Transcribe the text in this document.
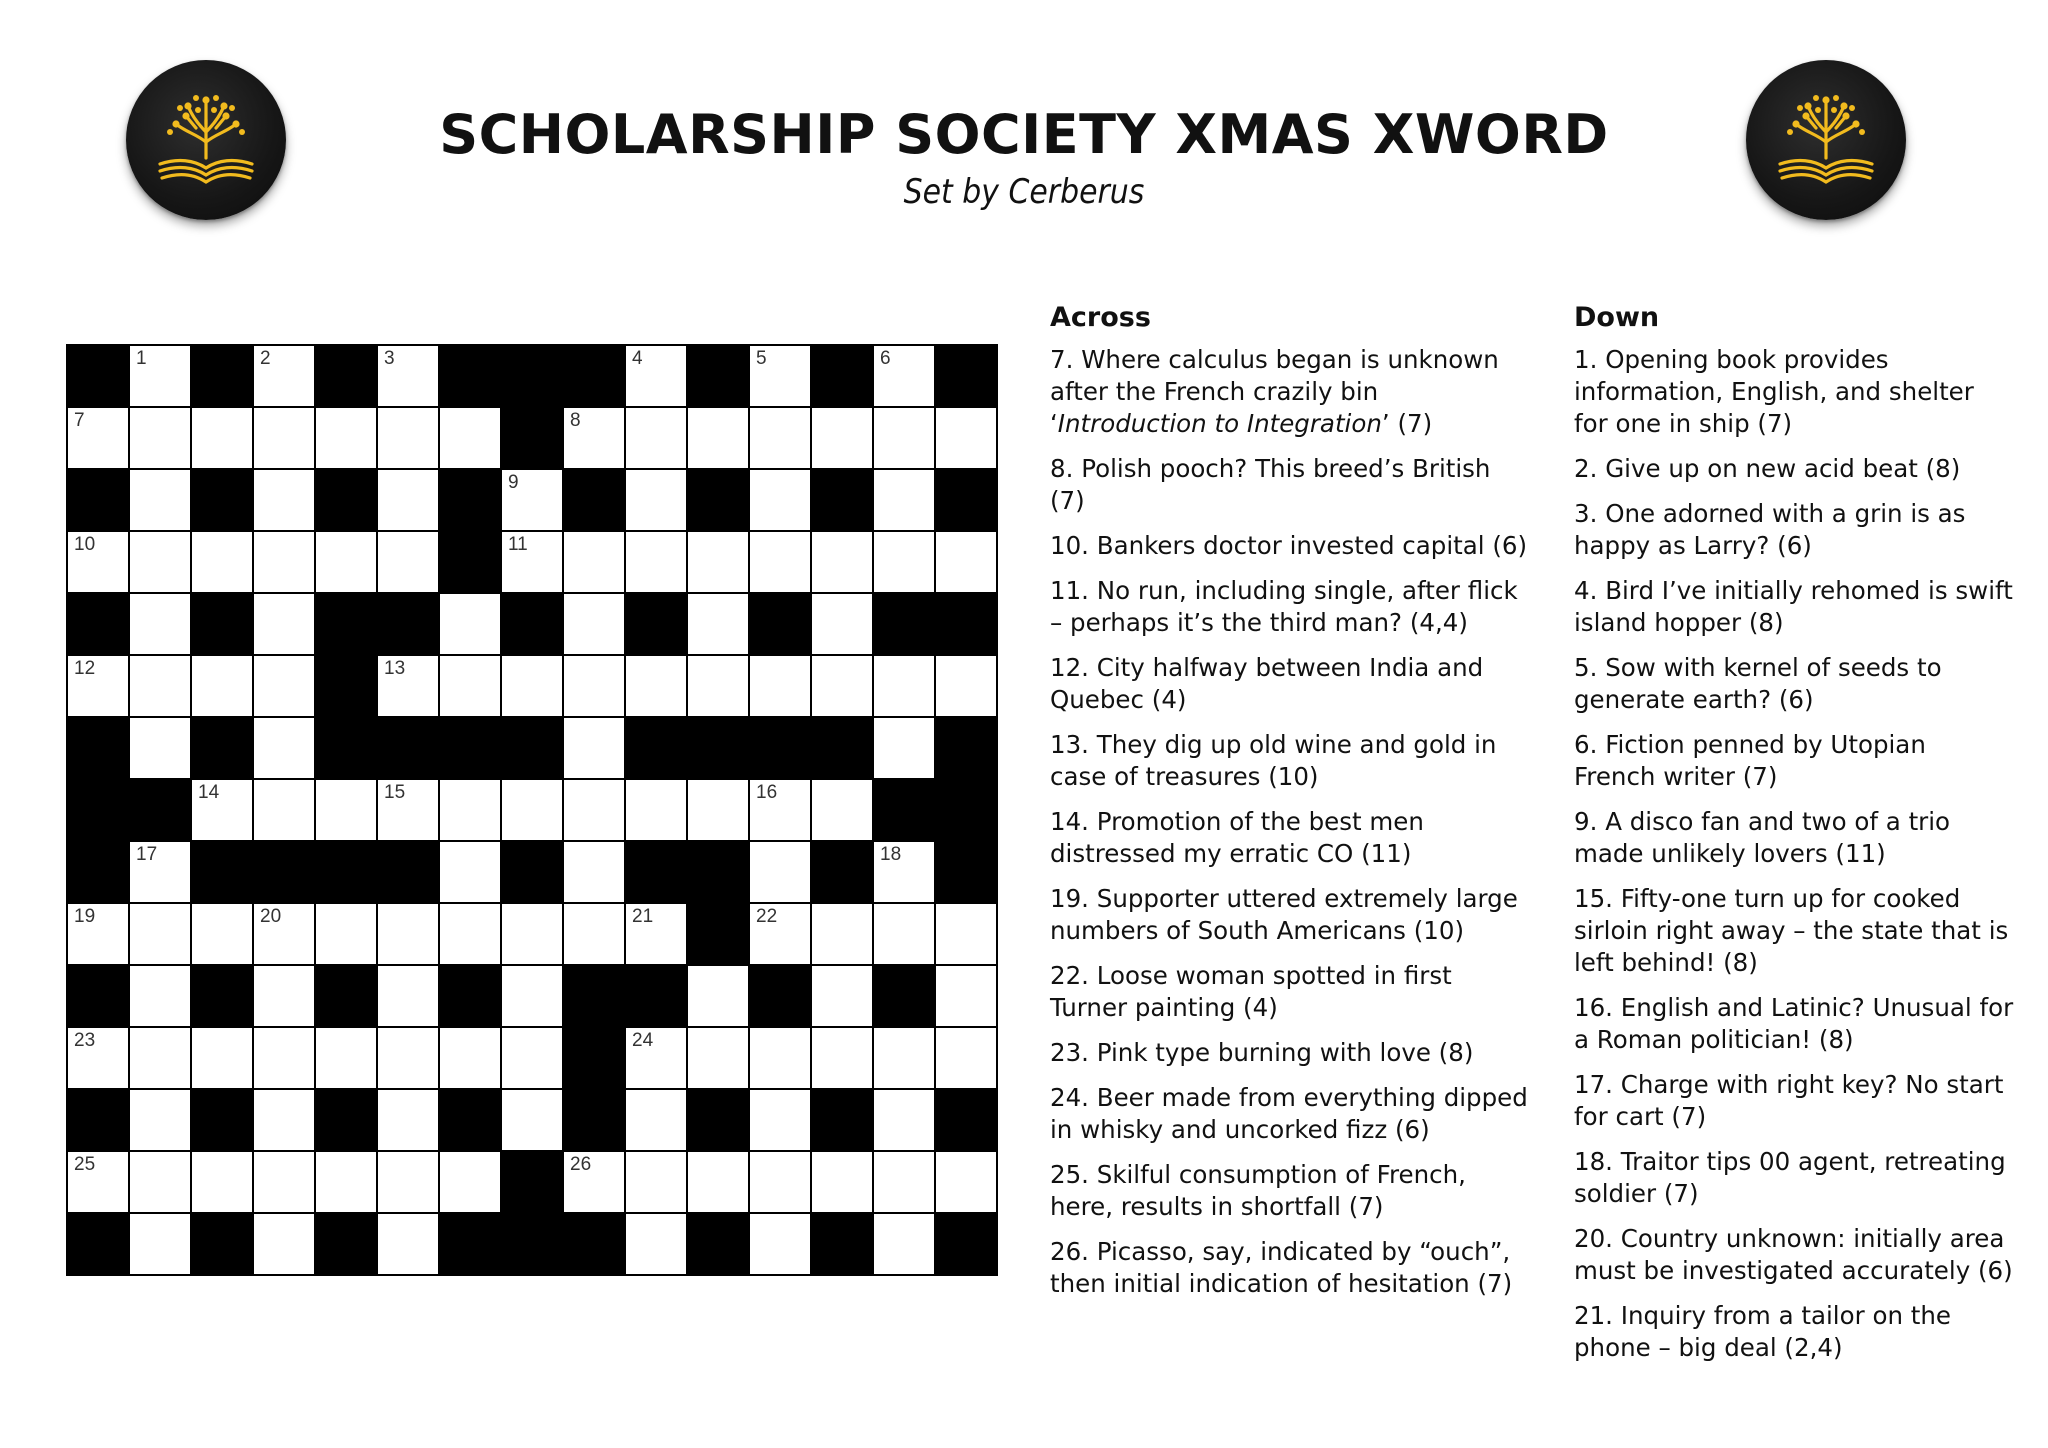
SCHOLARSHIP SOCIETY XMAS XWORD
Set by Cerberus
1	2	3	4	5	6
7	8
9
10	11
12	13
14	15	16
17	18
19	20	21	22
23	24
25	26
Across
7. Where calculus began is unknown after the French crazily bin ‘Introduction to Integration’ (7)
8. Polish pooch? This breed’s British (7)
10. Bankers doctor invested capital (6)
11. No run, including single, after flick – perhaps it’s the third man? (4,4)
12. City halfway between India and Quebec (4)
13. They dig up old wine and gold in case of treasures (10)
14. Promotion of the best men distressed my erratic CO (11)
19. Supporter uttered extremely large numbers of South Americans (10)
22. Loose woman spotted in first Turner painting (4)
23. Pink type burning with love (8)
24. Beer made from everything dipped in whisky and uncorked fizz (6)
25. Skilful consumption of French, here, results in shortfall (7)
26. Picasso, say, indicated by “ouch”, then initial indication of hesitation (7)
Down
1. Opening book provides information, English, and shelter for one in ship (7)
2. Give up on new acid beat (8)
3. One adorned with a grin is as happy as Larry? (6)
4. Bird I’ve initially rehomed is swift island hopper (8)
5. Sow with kernel of seeds to generate earth? (6)
6. Fiction penned by Utopian French writer (7)
9. A disco fan and two of a trio made unlikely lovers (11)
15. Fifty-one turn up for cooked sirloin right away – the state that is left behind! (8)
16. English and Latinic? Unusual for a Roman politician! (8)
17. Charge with right key? No start for cart (7)
18. Traitor tips 00 agent, retreating soldier (7)
20. Country unknown: initially area must be investigated accurately (6)
21. Inquiry from a tailor on the phone – big deal (2,4)
